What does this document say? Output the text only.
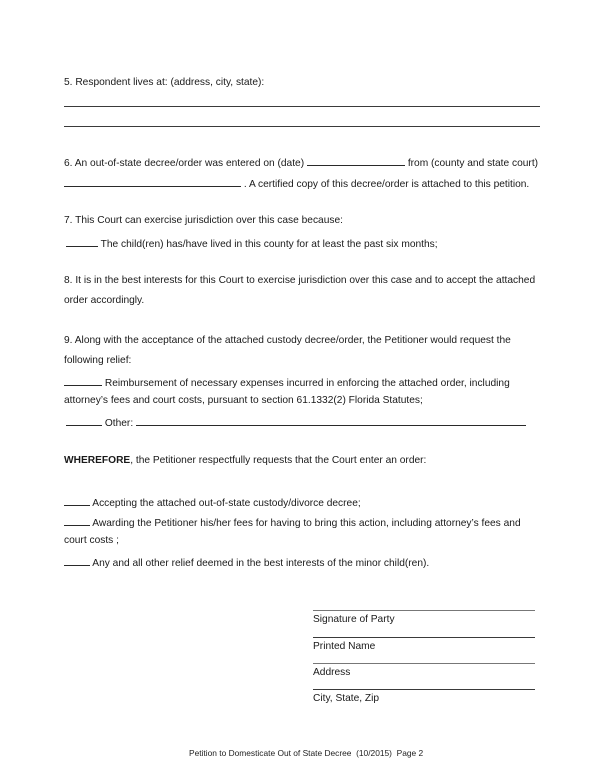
5. Respondent lives at: (address, city, state):
6. An out-of-state decree/order was entered on (date)	from (county and state court)
. A certified copy of this decree/order is attached to this petition.
7. This Court can exercise jurisdiction over this case because:
The child(ren) has/have lived in this county for at least the past six months;
8. It is in the best interests for this Court to exercise jurisdiction over this case and to accept the attached
order accordingly.
9. Along with the acceptance of the attached custody decree/order, the Petitioner would request the
following relief:
Reimbursement of necessary expenses incurred in enforcing the attached order, including
attorney’s fees and court costs, pursuant to section 61.1332(2) Florida Statutes;
Other:
WHEREFORE, the Petitioner respectfully requests that the Court enter an order:
Accepting the attached out-of-state custody/divorce decree;
Awarding the Petitioner his/her fees for having to bring this action, including attorney’s fees and
court costs ;
Any and all other relief deemed in the best interests of the minor child(ren).
Signature of Party
Printed Name
Address
City, State, Zip
Petition to Domesticate Out of State Decree  (10/2015)  Page 2
